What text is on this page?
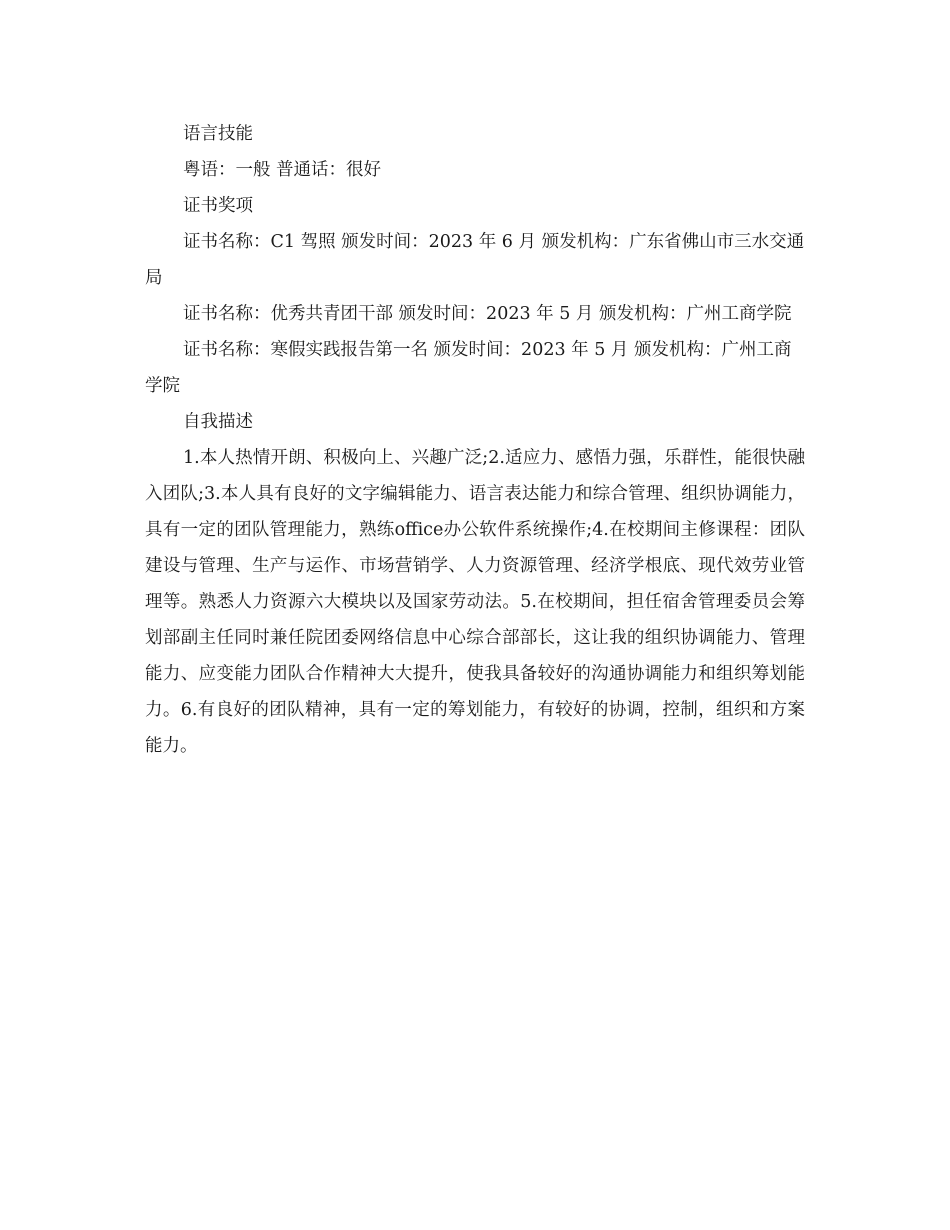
语言技能

粤语：一般 普通话：很好

证书奖项

证书名称：C1 驾照 颁发时间：2023 年 6 月 颁发机构：广东省佛山市三水交通局

证书名称：优秀共青团干部 颁发时间：2023 年 5 月 颁发机构：广州工商学院

证书名称：寒假实践报告第一名 颁发时间：2023 年 5 月 颁发机构：广州工商学院

自我描述

1.本人热情开朗、积极向上、兴趣广泛;2.适应力、感悟力强，乐群性，能很快融入团队;3.本人具有良好的文字编辑能力、语言表达能力和综合管理、组织协调能力，具有一定的团队管理能力，熟练office办公软件系统操作;4.在校期间主修课程：团队建设与管理、生产与运作、市场营销学、人力资源管理、经济学根底、现代效劳业管理等。熟悉人力资源六大模块以及国家劳动法。5.在校期间，担任宿舍管理委员会筹划部副主任同时兼任院团委网络信息中心综合部部长，这让我的组织协调能力、管理能力、应变能力团队合作精神大大提升，使我具备较好的沟通协调能力和组织筹划能力。6.有良好的团队精神，具有一定的筹划能力，有较好的协调，控制，组织和方案能力。
